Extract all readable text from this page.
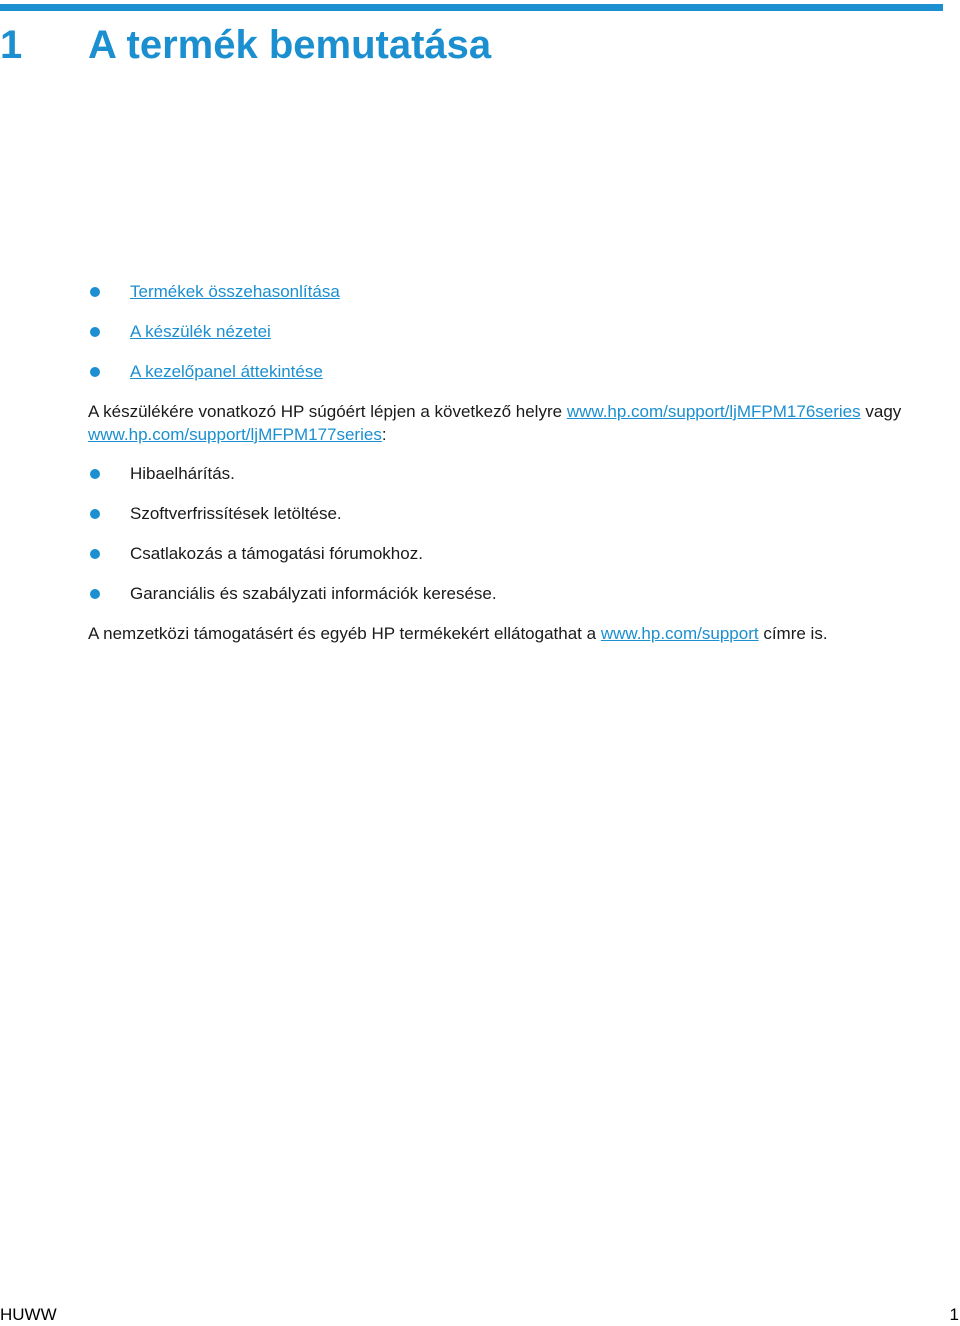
1 A termék bemutatása
Termékek összehasonlítása
A készülék nézetei
A kezelőpanel áttekintése

A készülékére vonatkozó HP súgóért lépjen a következő helyre www.hp.com/support/ljMFPM176series vagy www.hp.com/support/ljMFPM177series:

Hibaelhárítás.
Szoftverfrissítések letöltése.
Csatlakozás a támogatási fórumokhoz.
Garanciális és szabályzati információk keresése.

A nemzetközi támogatásért és egyéb HP termékekért ellátogathat a www.hp.com/support címre is.

HUWW	1
